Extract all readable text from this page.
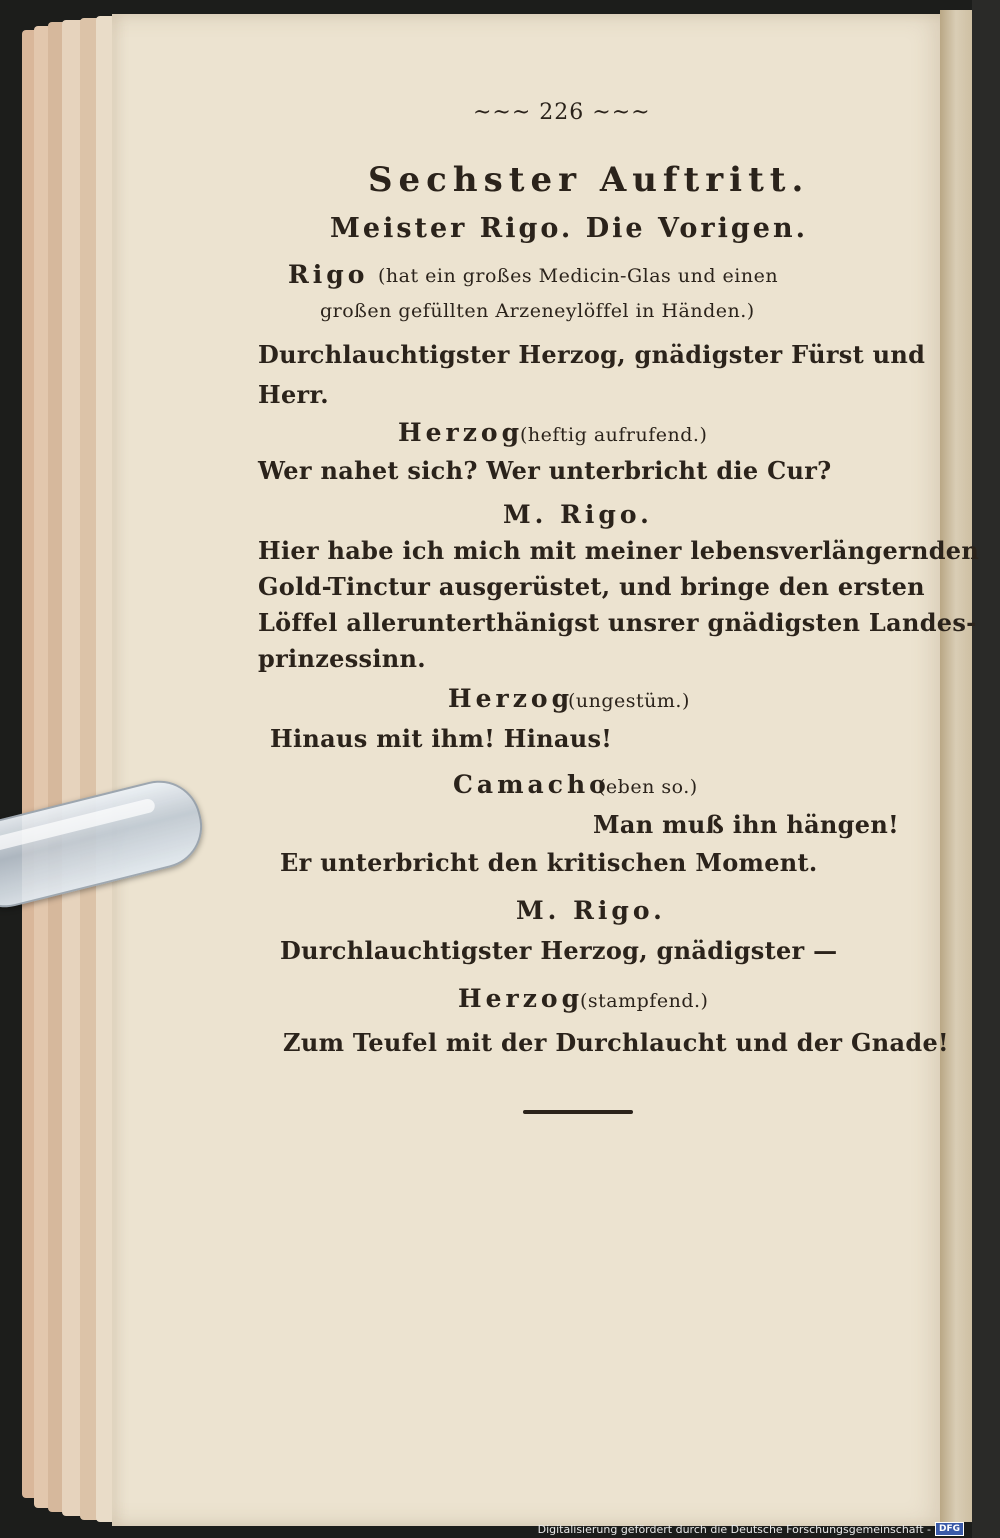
~~~ 226 ~~~
Sechster Auftritt.
Meister Rigo. Die Vorigen.
Rigo (hat ein großes Medicin-Glas und einen
großen gefüllten Arzeneylöffel in Händen.)
Durchlauchtigster Herzog, gnädigster Fürst und
Herr.
Herzog
(heftig aufrufend.)
Wer nahet sich? Wer unterbricht die Cur?
M. Rigo.
Hier habe ich mich mit meiner lebensverlängernden
Gold-Tinctur ausgerüstet, und bringe den ersten
Löffel allerunterthänigst unsrer gnädigsten Landes-
prinzessinn.
Herzog
(ungestüm.)
Hinaus mit ihm! Hinaus!
Camacho
(eben so.)
Man muß ihn hängen!
Er unterbricht den kritischen Moment.
M. Rigo.
Durchlauchtigster Herzog, gnädigster —
Herzog
(stampfend.)
Zum Teufel mit der Durchlaucht und der Gnade!
Digitalisierung gefördert durch die Deutsche Forschungsgemeinschaft - DFG
